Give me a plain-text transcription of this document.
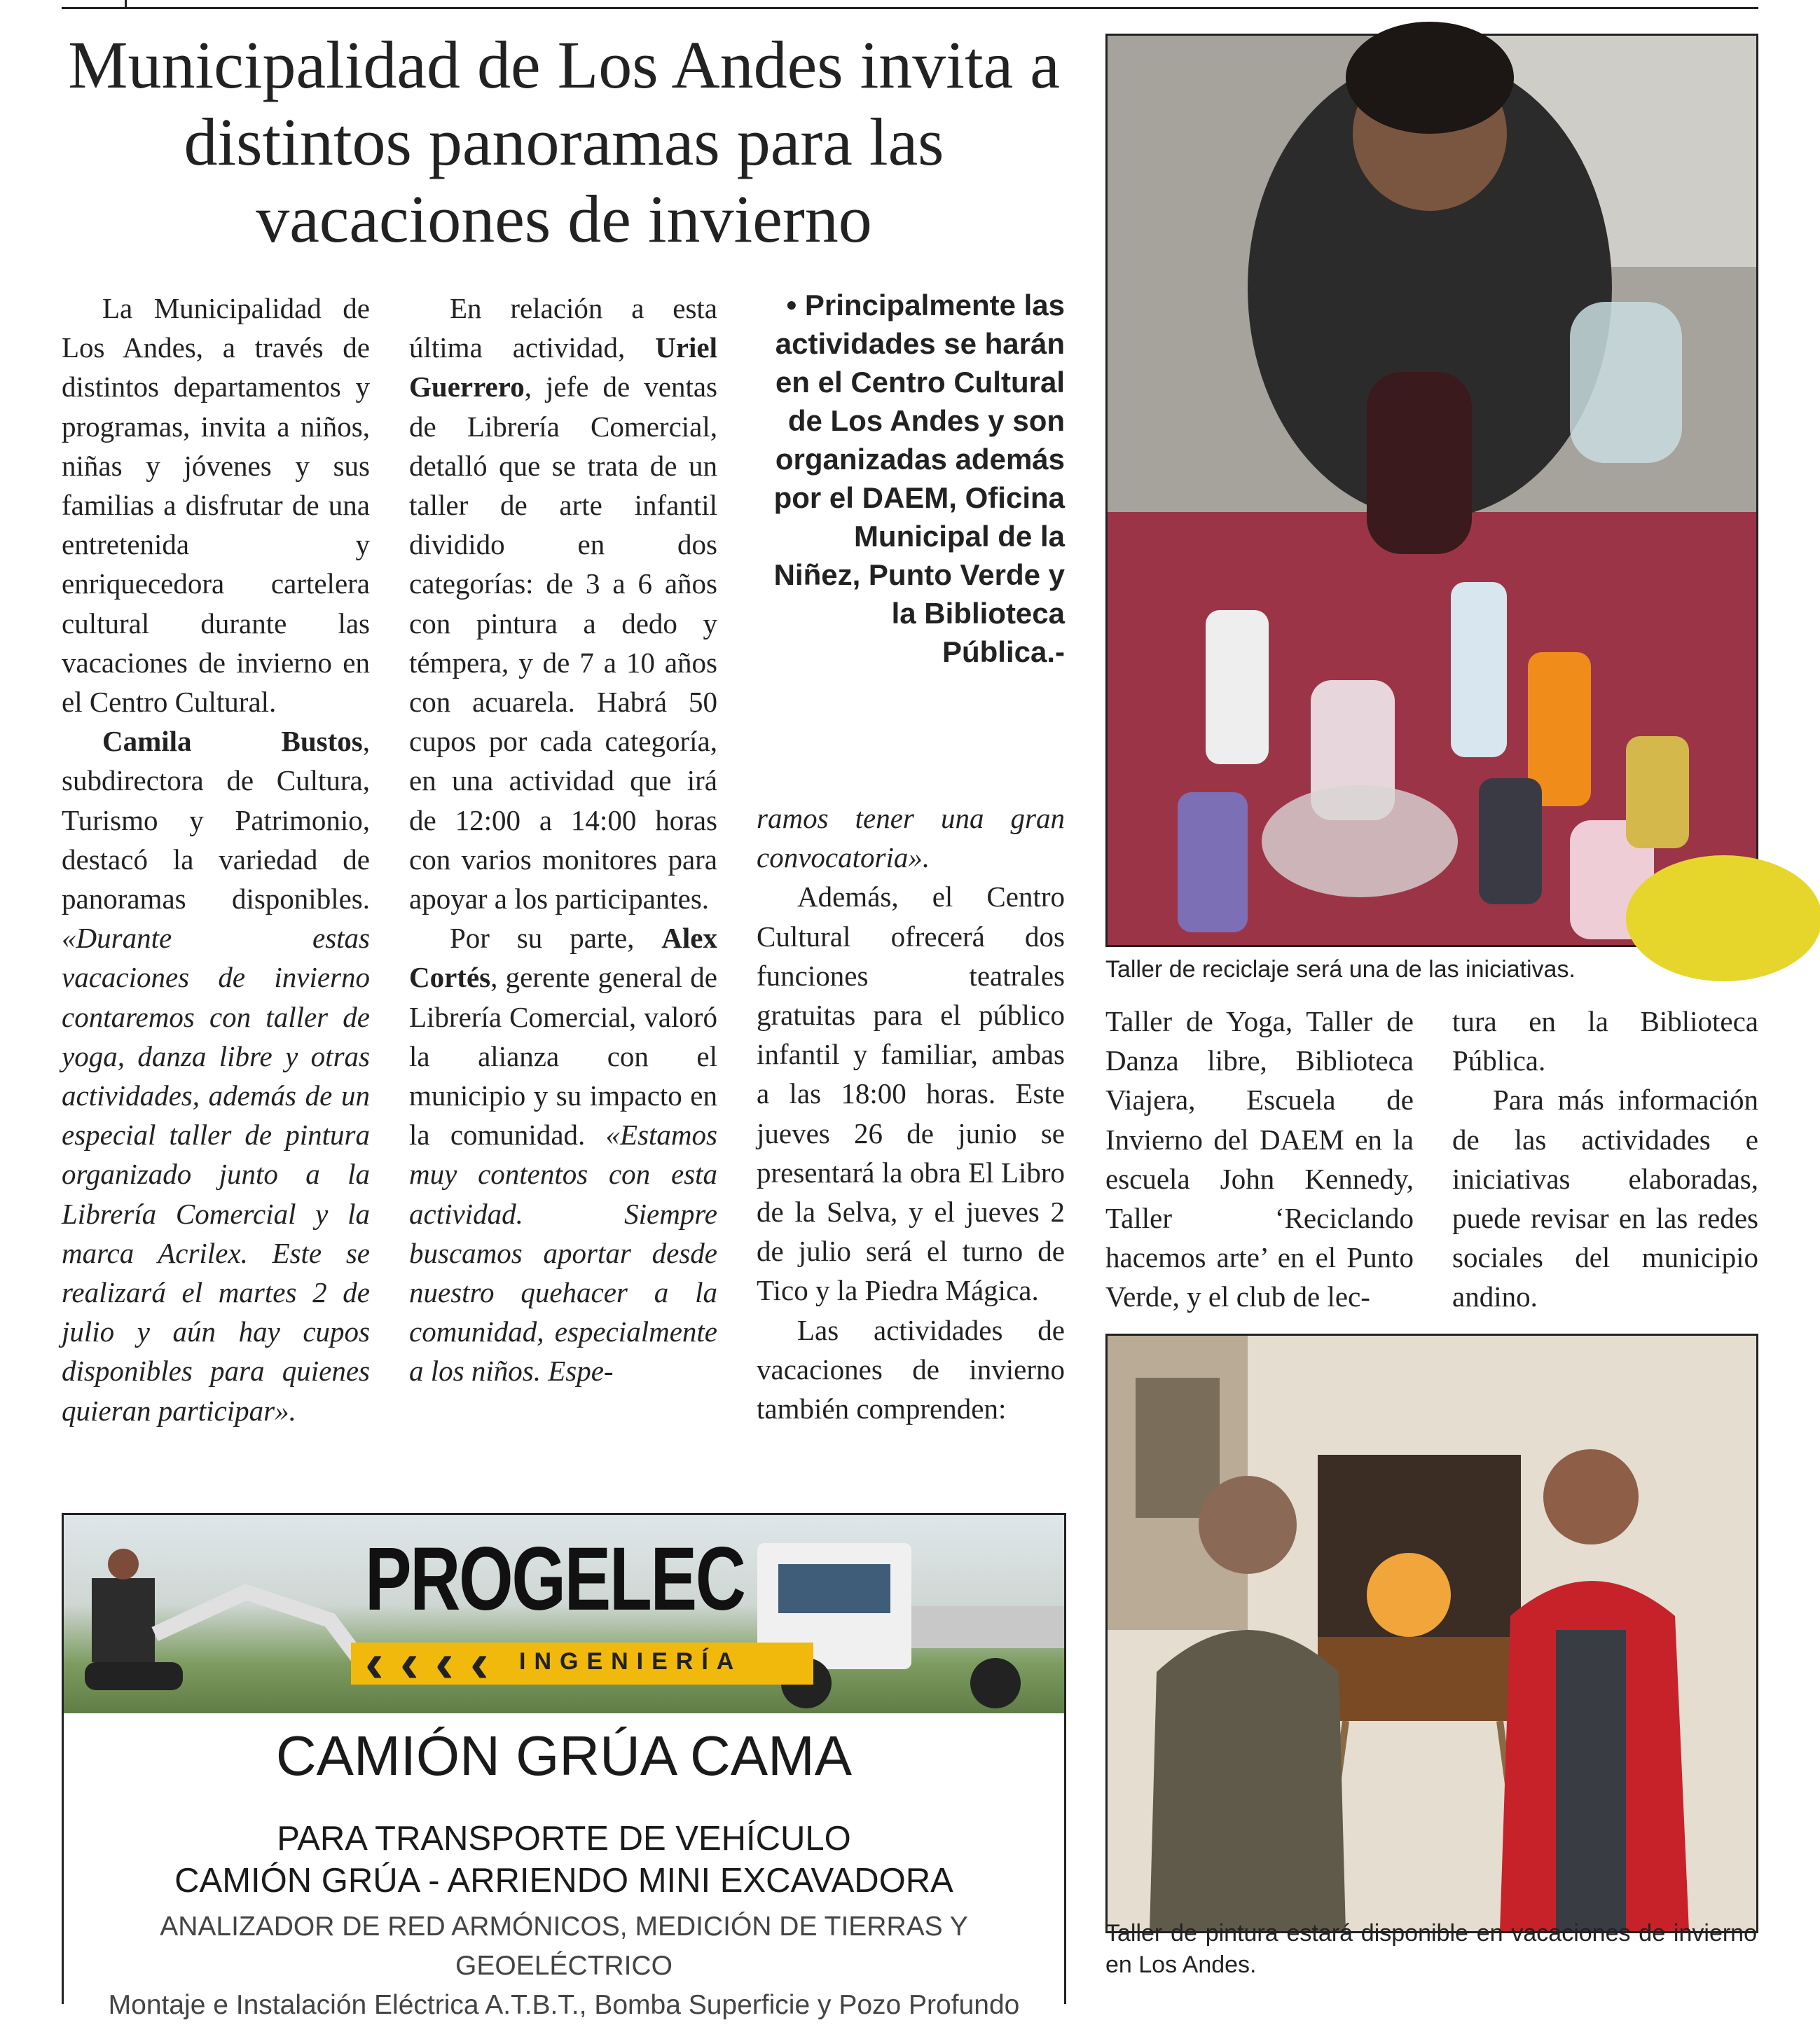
Municipalidad de Los Andes invita a distintos panoramas para las vacaciones de invierno

La Municipalidad de Los Andes, a través de distintos departamentos y programas, invita a niños, niñas y jóvenes y sus familias a disfrutar de una entretenida y enriquecedora cartelera cultural durante las vacaciones de invierno en el Centro Cultural.

Camila Bustos, subdirectora de Cultura, Turismo y Patrimonio, destacó la variedad de panoramas disponibles. «Durante estas vacaciones de invierno contaremos con taller de yoga, danza libre y otras actividades, además de un especial taller de pintura organizado junto a la Librería Comercial y la marca Acrilex. Este se realizará el martes 2 de julio y aún hay cupos disponibles para quienes quieran participar».

En relación a esta última actividad, Uriel Guerrero, jefe de ventas de Librería Comercial, detalló que se trata de un taller de arte infantil dividido en dos categorías: de 3 a 6 años con pintura a dedo y témpera, y de 7 a 10 años con acuarela. Habrá 50 cupos por cada categoría, en una actividad que irá de 12:00 a 14:00 horas con varios monitores para apoyar a los participantes.

Por su parte, Alex Cortés, gerente general de Librería Comercial, valoró la alianza con el municipio y su impacto en la comunidad. «Estamos muy contentos con esta actividad. Siempre buscamos aportar desde nuestro quehacer a la comunidad, especialmente a los niños. Espe-

• Principalmente las actividades se harán en el Centro Cultural de Los Andes y son organizadas además por el DAEM, Oficina Municipal de la Niñez, Punto Verde y la Biblioteca Pública.-

ramos tener una gran convocatoria».

Además, el Centro Cultural ofrecerá dos funciones teatrales gratuitas para el público infantil y familiar, ambas a las 18:00 horas. Este jueves 26 de junio se presentará la obra El Libro de la Selva, y el jueves 2 de julio será el turno de Tico y la Piedra Mágica.

Las actividades de vacaciones de invierno también comprenden:

Taller de reciclaje será una de las iniciativas.

Taller de Yoga, Taller de Danza libre, Biblioteca Viajera, Escuela de Invierno del DAEM en la escuela John Kennedy, Taller ‘Reciclando hacemos arte’ en el Punto Verde, y el club de lec-

tura en la Biblioteca Pública.

Para más información de las actividades e iniciativas elaboradas, puede revisar en las redes sociales del municipio andino.

Taller de pintura estará disponible en vacaciones de invierno en Los Andes.

PROGELEC
‹ ‹ ‹ ‹ INGENIERÍA

CAMIÓN GRÚA CAMA

PARA TRANSPORTE DE VEHÍCULO
CAMIÓN GRÚA - ARRIENDO MINI EXCAVADORA
ANALIZADOR DE RED ARMÓNICOS, MEDICIÓN DE TIERRAS Y GEOELÉCTRICO
Montaje e Instalación Eléctrica A.T.B.T., Bomba Superficie y Pozo Profundo
